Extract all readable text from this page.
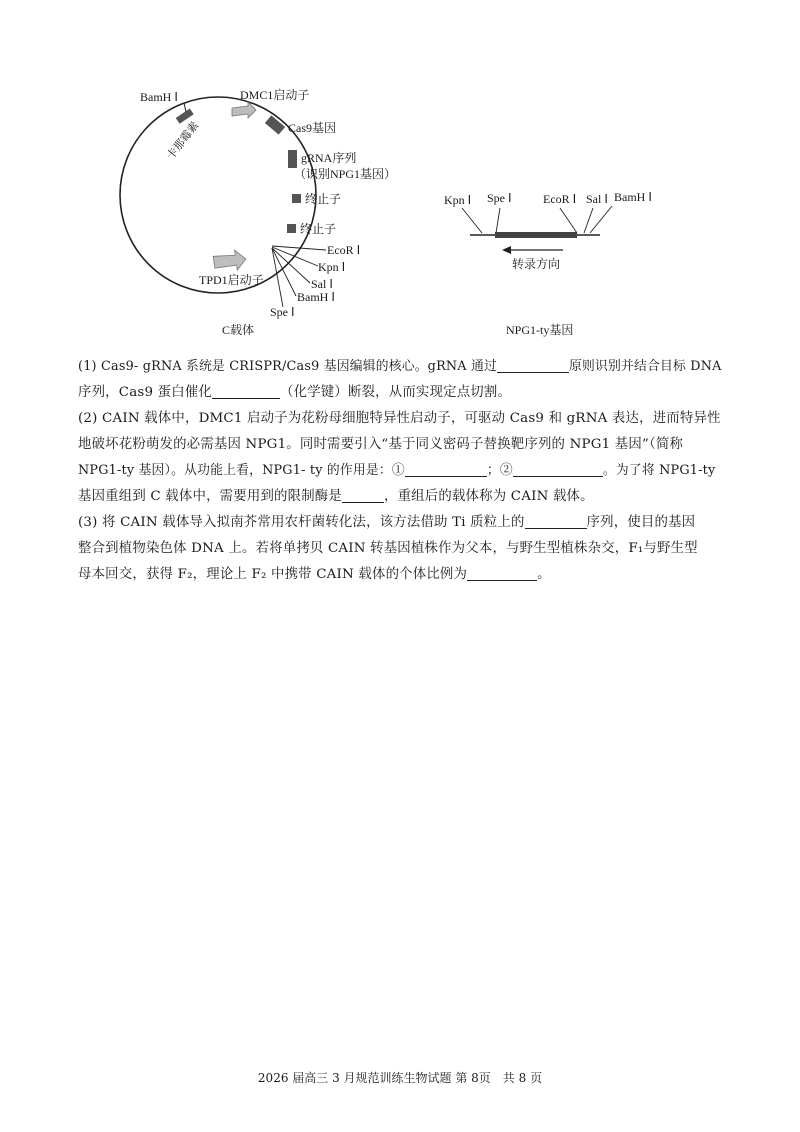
BamH Ⅰ	DMC1启动子
卡那霉素	Cas9基因
gRNA序列
（识别NPG1基因）
终止子
终止子
EcoR Ⅰ
Kpn Ⅰ
Sal Ⅰ
BamH Ⅰ
Spe Ⅰ
TPD1启动子
C载体
Kpn Ⅰ Spe Ⅰ	EcoR Ⅰ Sal Ⅰ BamH Ⅰ
转录方向
NPG1-ty基因
(1) Cas9- gRNA 系统是 CRISPR/Cas9 基因编辑的核心。gRNA 通过	原则识别并结合目标 DNA
序列，Cas9 蛋白催化	（化学键）断裂，从而实现定点切割。
(2) CAIN 载体中，DMC1 启动子为花粉母细胞特异性启动子，可驱动 Cas9 和 gRNA 表达，进而特异性
地破坏花粉萌发的必需基因 NPG1。同时需要引入“基于同义密码子替换靶序列的 NPG1 基因”（简称
NPG1-ty 基因）。从功能上看，NPG1- ty 的作用是：①	；②	。为了将 NPG1-ty
基因重组到 C 载体中，需要用到的限制酶是	，重组后的载体称为 CAIN 载体。
(3) 将 CAIN 载体导入拟南芥常用农杆菌转化法，该方法借助 Ti 质粒上的	序列，使目的基因
整合到植物染色体 DNA 上。若将单拷贝 CAIN 转基因植株作为父本，与野生型植株杂交，F₁与野生型
母本回交，获得 F₂，理论上 F₂ 中携带 CAIN 载体的个体比例为	。
2026 届高三 3 月规范训练生物试题 第 8页　共 8 页
